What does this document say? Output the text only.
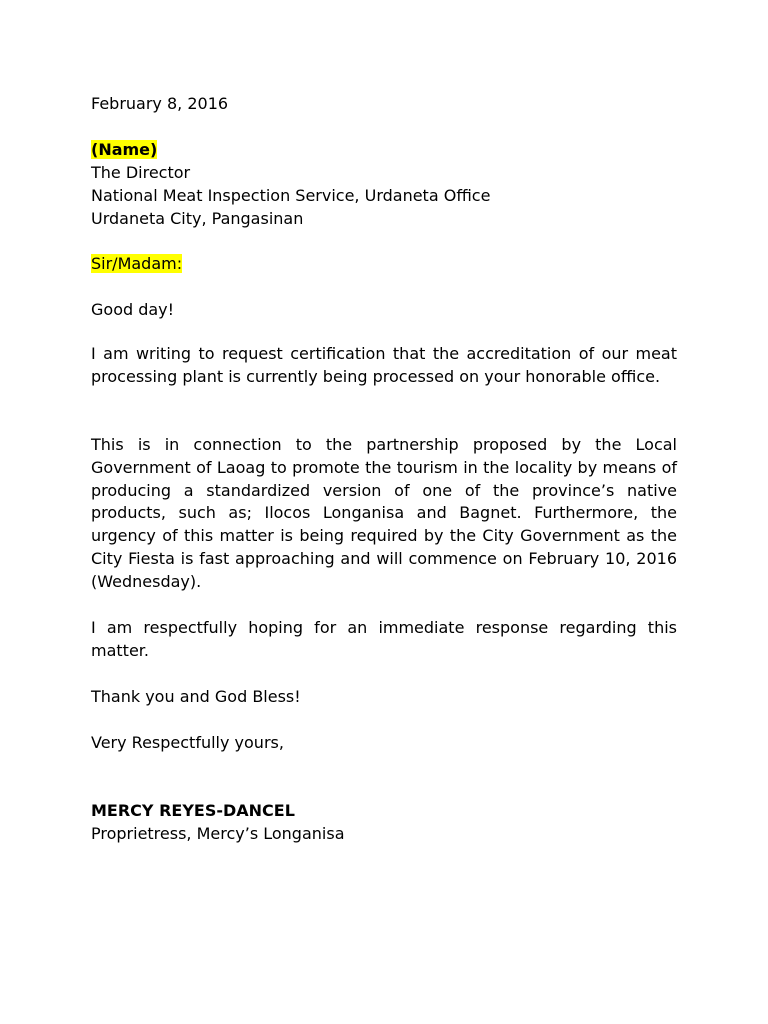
February 8, 2016
(Name)
The Director
National Meat Inspection Service, Urdaneta Office
Urdaneta City, Pangasinan
Sir/Madam:
Good day!
I am writing to request certification that the accreditation of our meat processing plant is currently being processed on your honorable office.
This is in connection to the partnership proposed by the Local Government of Laoag to promote the tourism in the locality by means of producing a standardized version of one of the province’s native products, such as; Ilocos Longanisa and Bagnet. Furthermore, the urgency of this matter is being required by the City Government as the City Fiesta is fast approaching and will commence on February 10, 2016 (Wednesday).
I am respectfully hoping for an immediate response regarding this matter.
Thank you and God Bless!
Very Respectfully yours,
MERCY REYES-DANCEL
Proprietress, Mercy’s Longanisa
